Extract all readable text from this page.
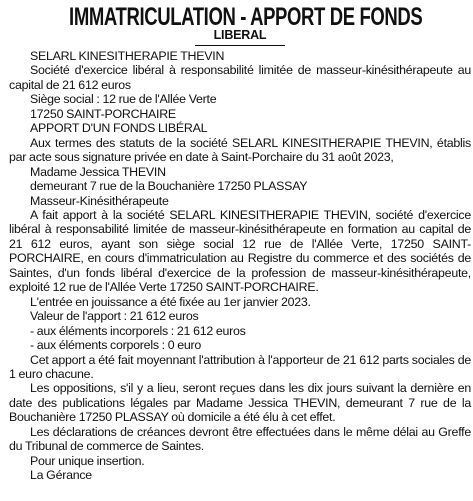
IMMATRICULATION - APPORT DE FONDS
LIBERAL

SELARL KINESITHERAPIE THEVIN

Société d'exercice libéral à responsabilité limitée de masseur-kinésithérapeute au capital de 21 612 euros

Siège social : 12 rue de l'Allée Verte

17250 SAINT-PORCHAIRE

APPORT D'UN FONDS LIBÉRAL

Aux termes des statuts de la société SELARL KINESITHERAPIE THEVIN, établis par acte sous signature privée en date à Saint-Porchaire du 31 août 2023,

Madame Jessica THEVIN

demeurant 7 rue de la Bouchanière 17250 PLASSAY

Masseur-Kinésithérapeute

A fait apport à la société SELARL KINESITHERAPIE THEVIN, société d'exercice libéral à responsabilité limitée de masseur-kinésithérapeute en formation au capital de 21 612 euros, ayant son siège social 12 rue de l'Allée Verte, 17250 SAINT-PORCHAIRE, en cours d'immatriculation au Registre du commerce et des sociétés de Saintes, d'un fonds libéral d'exercice de la profession de masseur-kinésithérapeute, exploité 12 rue de l'Allée Verte 17250 SAINT-PORCHAIRE.

L'entrée en jouissance a été fixée au 1er janvier 2023.

Valeur de l'apport : 21 612 euros

- aux éléments incorporels : 21 612 euros

- aux éléments corporels : 0 euro

Cet apport a été fait moyennant l'attribution à l'apporteur de 21 612 parts sociales de 1 euro chacune.

Les oppositions, s'il y a lieu, seront reçues dans les dix jours suivant la dernière en date des publications légales par Madame Jessica THEVIN, demeurant 7 rue de la Bouchanière 17250 PLASSAY où domicile a été élu à cet effet.

Les déclarations de créances devront être effectuées dans le même délai au Greffe du Tribunal de commerce de Saintes.

Pour unique insertion.

La Gérance
